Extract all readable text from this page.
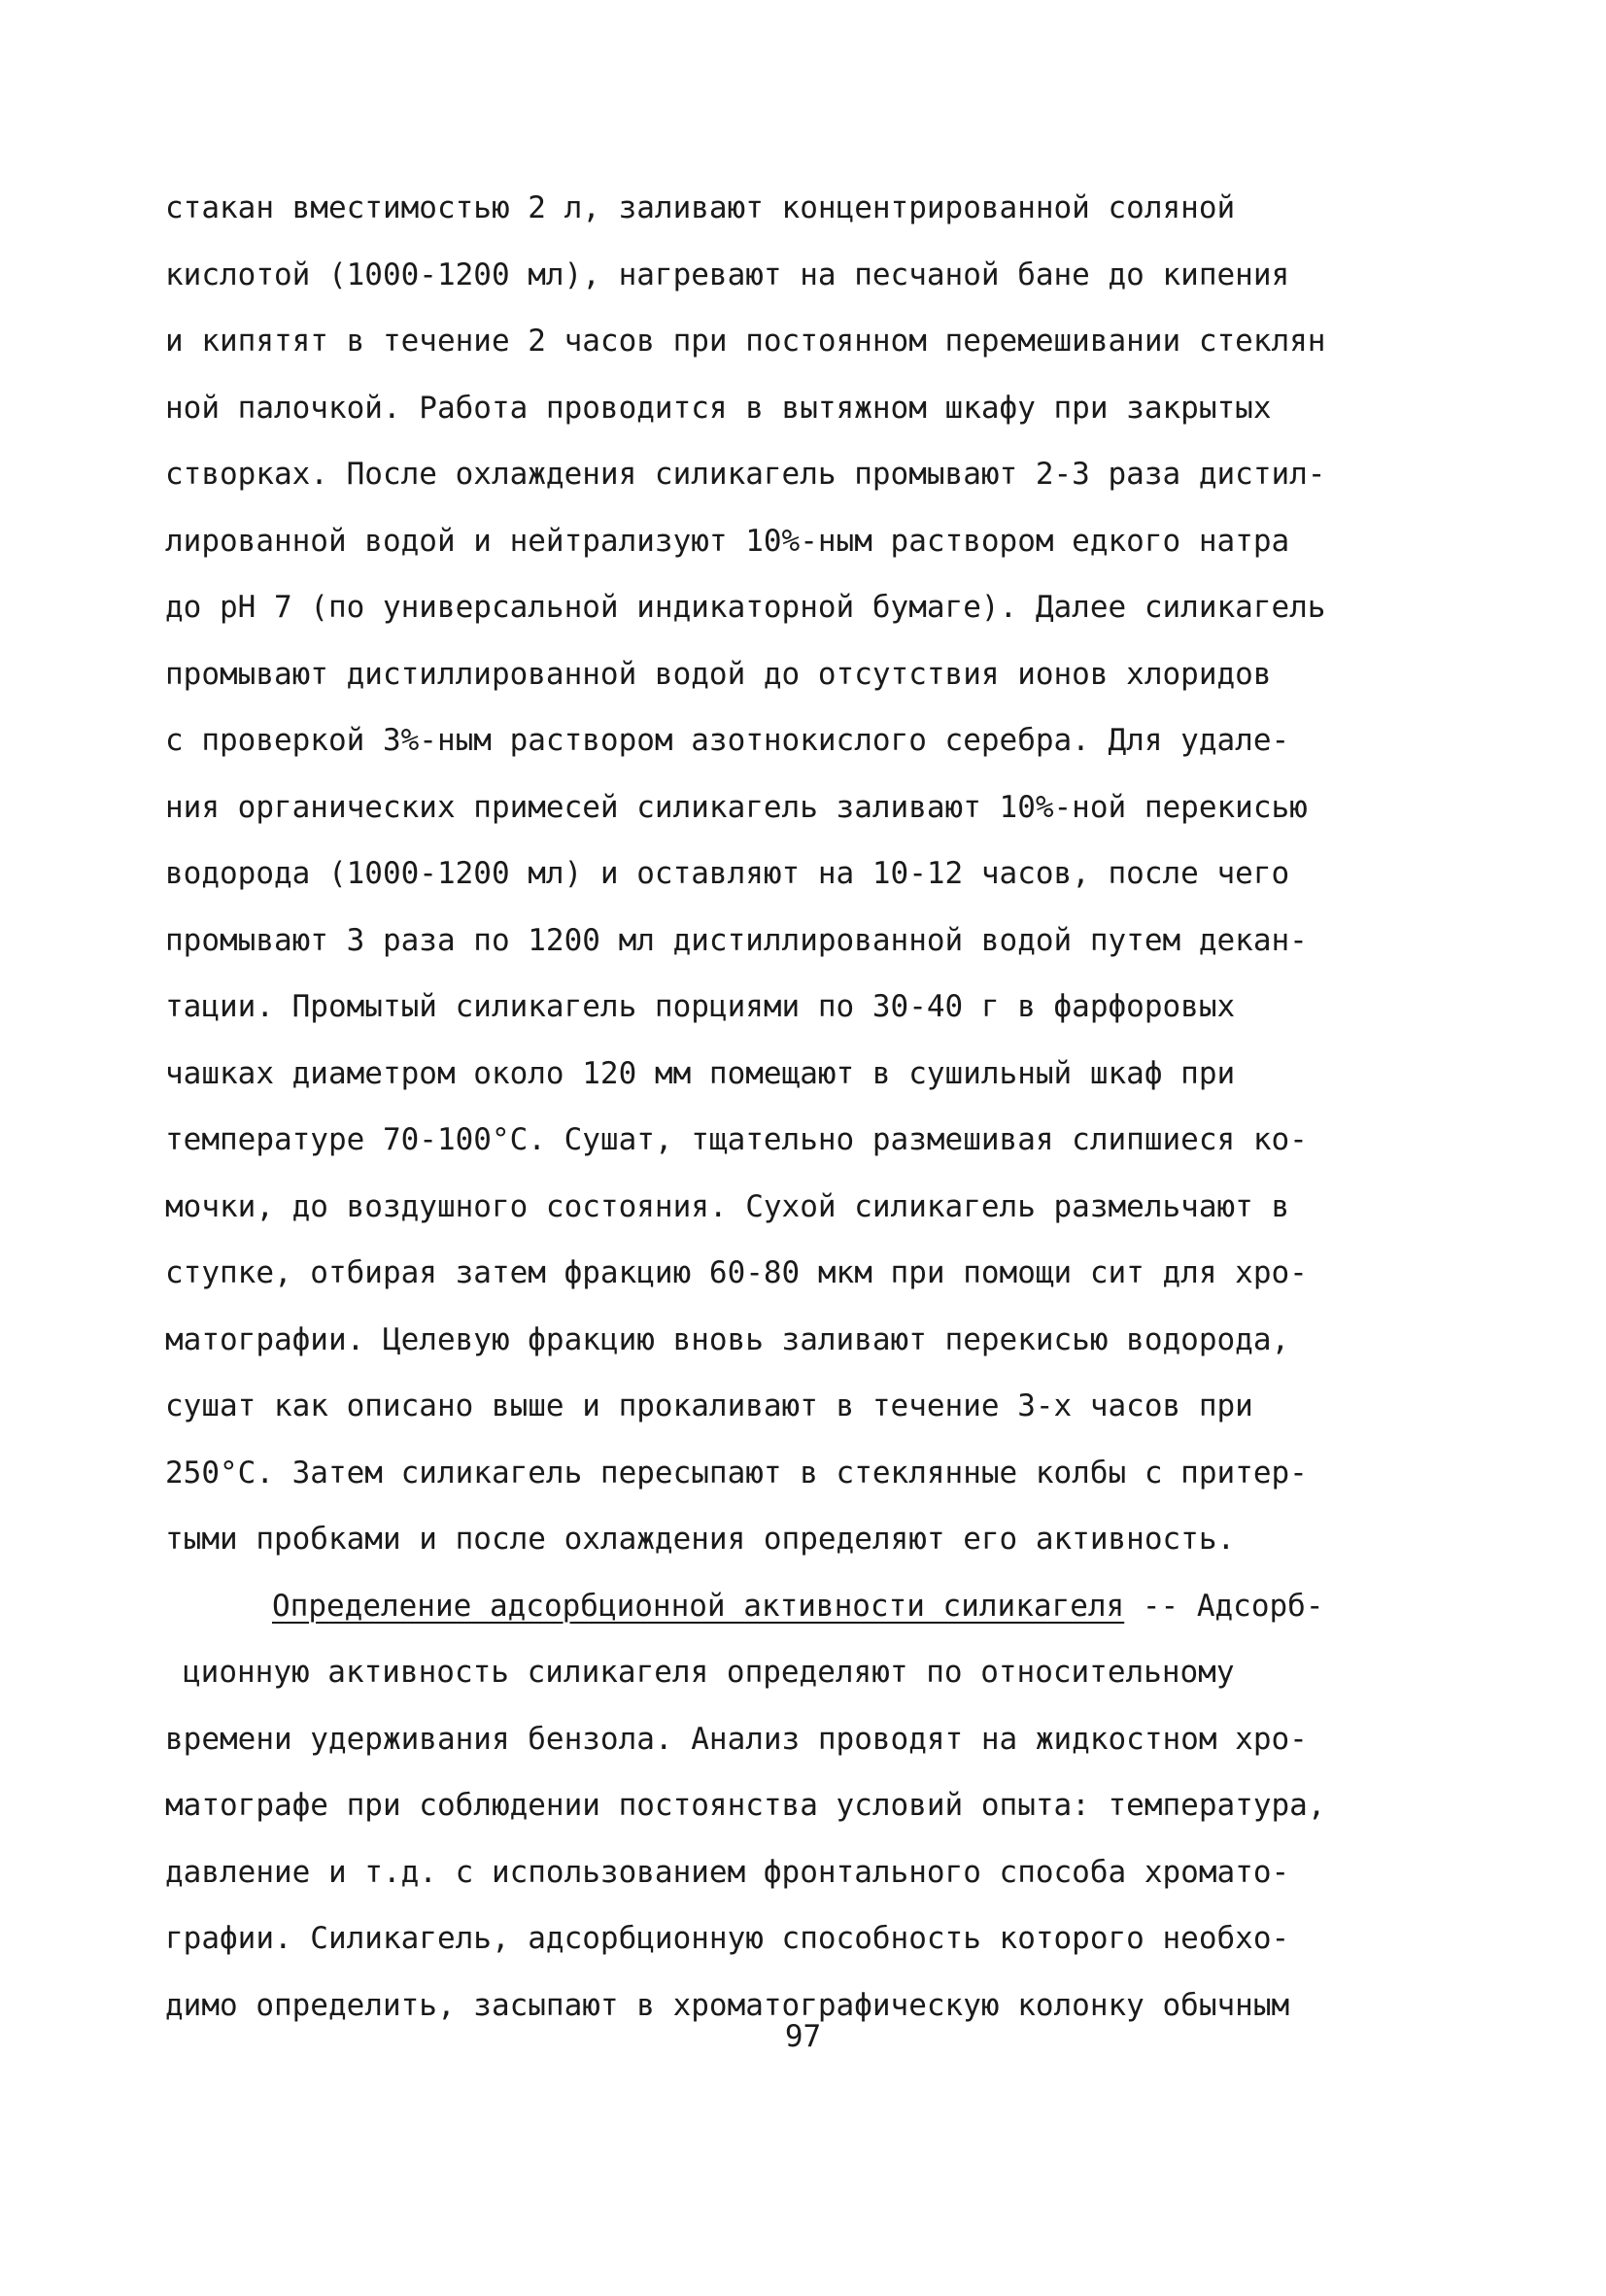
стакан вместимостью 2 л, заливают концентрированной соляной
кислотой (1000-1200 мл), нагревают на песчаной бане до кипения
и кипятят в течение 2 часов при постоянном перемешивании стеклян
ной палочкой. Работа проводится в вытяжном шкафу при закрытых
створках. После охлаждения силикагель промывают 2-3 раза дистил-
лированной водой и нейтрализуют 10%-ным раствором едкого натра
до pH 7 (по универсальной индикаторной бумаге). Далее силикагель
промывают дистиллированной водой до отсутствия ионов хлоридов
с проверкой 3%-ным раствором азотнокислого серебра. Для удале-
ния органических примесей силикагель заливают 10%-ной перекисью
водорода (1000-1200 мл) и оставляют на 10-12 часов, после чего
промывают 3 раза по 1200 мл дистиллированной водой путем декан-
тации. Промытый силикагель порциями по 30-40 г в фарфоровых
чашках диаметром около 120 мм помещают в сушильный шкаф при
температуре 70-100°С. Сушат, тщательно размешивая слипшиеся ко-
мочки, до воздушного состояния. Сухой силикагель размельчают в
ступке, отбирая затем фракцию 60-80 мкм при помощи сит для хро-
матографии. Целевую фракцию вновь заливают перекисью водорода,
сушат как описано выше и прокаливают в течение 3-х часов при
250°С. Затем силикагель пересыпают в стеклянные колбы с притер-
тыми пробками и после охлаждения определяют его активность.
Определение адсорбционной активности силикагеля -- Адсорб-
ционную активность силикагеля определяют по относительному
времени удерживания бензола. Анализ проводят на жидкостном хро-
матографе при соблюдении постоянства условий опыта: температура,
давление и т.д. с использованием фронтального способа хромато-
графии. Силикагель, адсорбционную способность которого необхо-
димо определить, засыпают в хроматографическую колонку обычным
97
